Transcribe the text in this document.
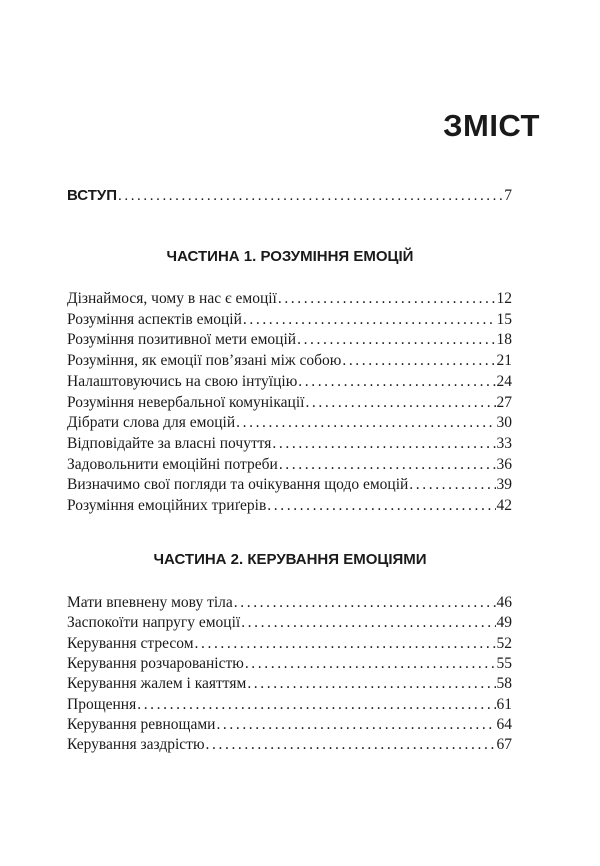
ЗМІСТ
ВСТУП .....	7
ЧАСТИНА 1. РОЗУМІННЯ ЕМОЦІЙ
Дізнаймося, чому в нас є емоції .....	12
Розуміння аспектів емоцій .....	15
Розуміння позитивної мети емоцій .....	18
Розуміння, як емоції пов’язані між собою .....	21
Налаштовуючись на свою інтуїцію .....	24
Розуміння невербальної комунікації .....	27
Дібрати слова для емоцій .....	30
Відповідайте за власні почуття .....	33
Задовольнити емоційні потреби .....	36
Визначимо свої погляди та очікування щодо емоцій .....	39
Розуміння емоційних триґерів .....	42
ЧАСТИНА 2. КЕРУВАННЯ ЕМОЦІЯМИ
Мати впевнену мову тіла .....	46
Заспокоїти напругу емоції .....	49
Керування стресом .....	52
Керування розчарованістю .....	55
Керування жалем і каяттям .....	58
Прощення .....	61
Керування ревнощами .....	64
Керування заздрістю .....	67
